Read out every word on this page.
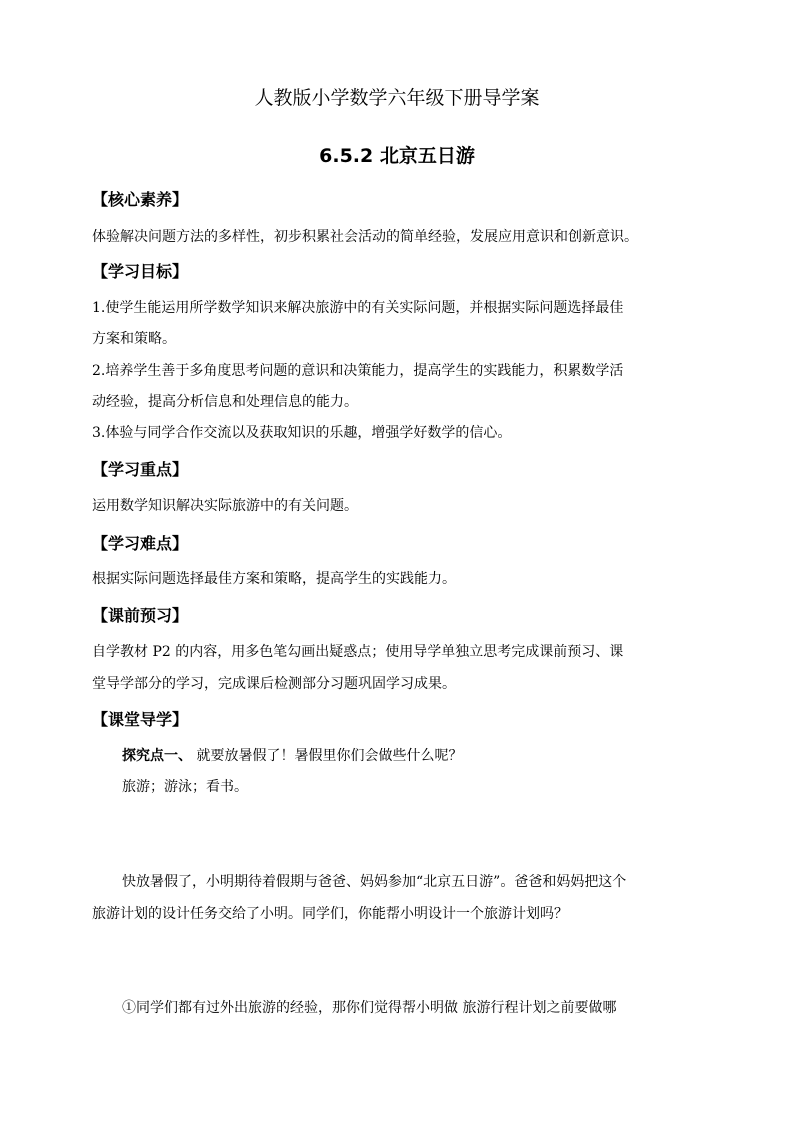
人教版小学数学六年级下册导学案
6.5.2 北京五日游
【核心素养】
体验解决问题方法的多样性，初步积累社会活动的简单经验，发展应用意识和创新意识。
【学习目标】
1.使学生能运用所学数学知识来解决旅游中的有关实际问题，并根据实际问题选择最佳
方案和策略。
2.培养学生善于多角度思考问题的意识和决策能力，提高学生的实践能力，积累数学活
动经验，提高分析信息和处理信息的能力。
3.体验与同学合作交流以及获取知识的乐趣，增强学好数学的信心。
【学习重点】
运用数学知识解决实际旅游中的有关问题。
【学习难点】
根据实际问题选择最佳方案和策略，提高学生的实践能力。
【课前预习】
自学教材 P2 的内容，用多色笔勾画出疑惑点；使用导学单独立思考完成课前预习、课
堂导学部分的学习，完成课后检测部分习题巩固学习成果。
【课堂导学】
探究点一、 就要放暑假了！暑假里你们会做些什么呢？
旅游；游泳；看书。
快放暑假了，小明期待着假期与爸爸、妈妈参加“北京五日游”。爸爸和妈妈把这个
旅游计划的设计任务交给了小明。同学们，你能帮小明设计一个旅游计划吗？
①同学们都有过外出旅游的经验，那你们觉得帮小明做 旅游行程计划之前要做哪
